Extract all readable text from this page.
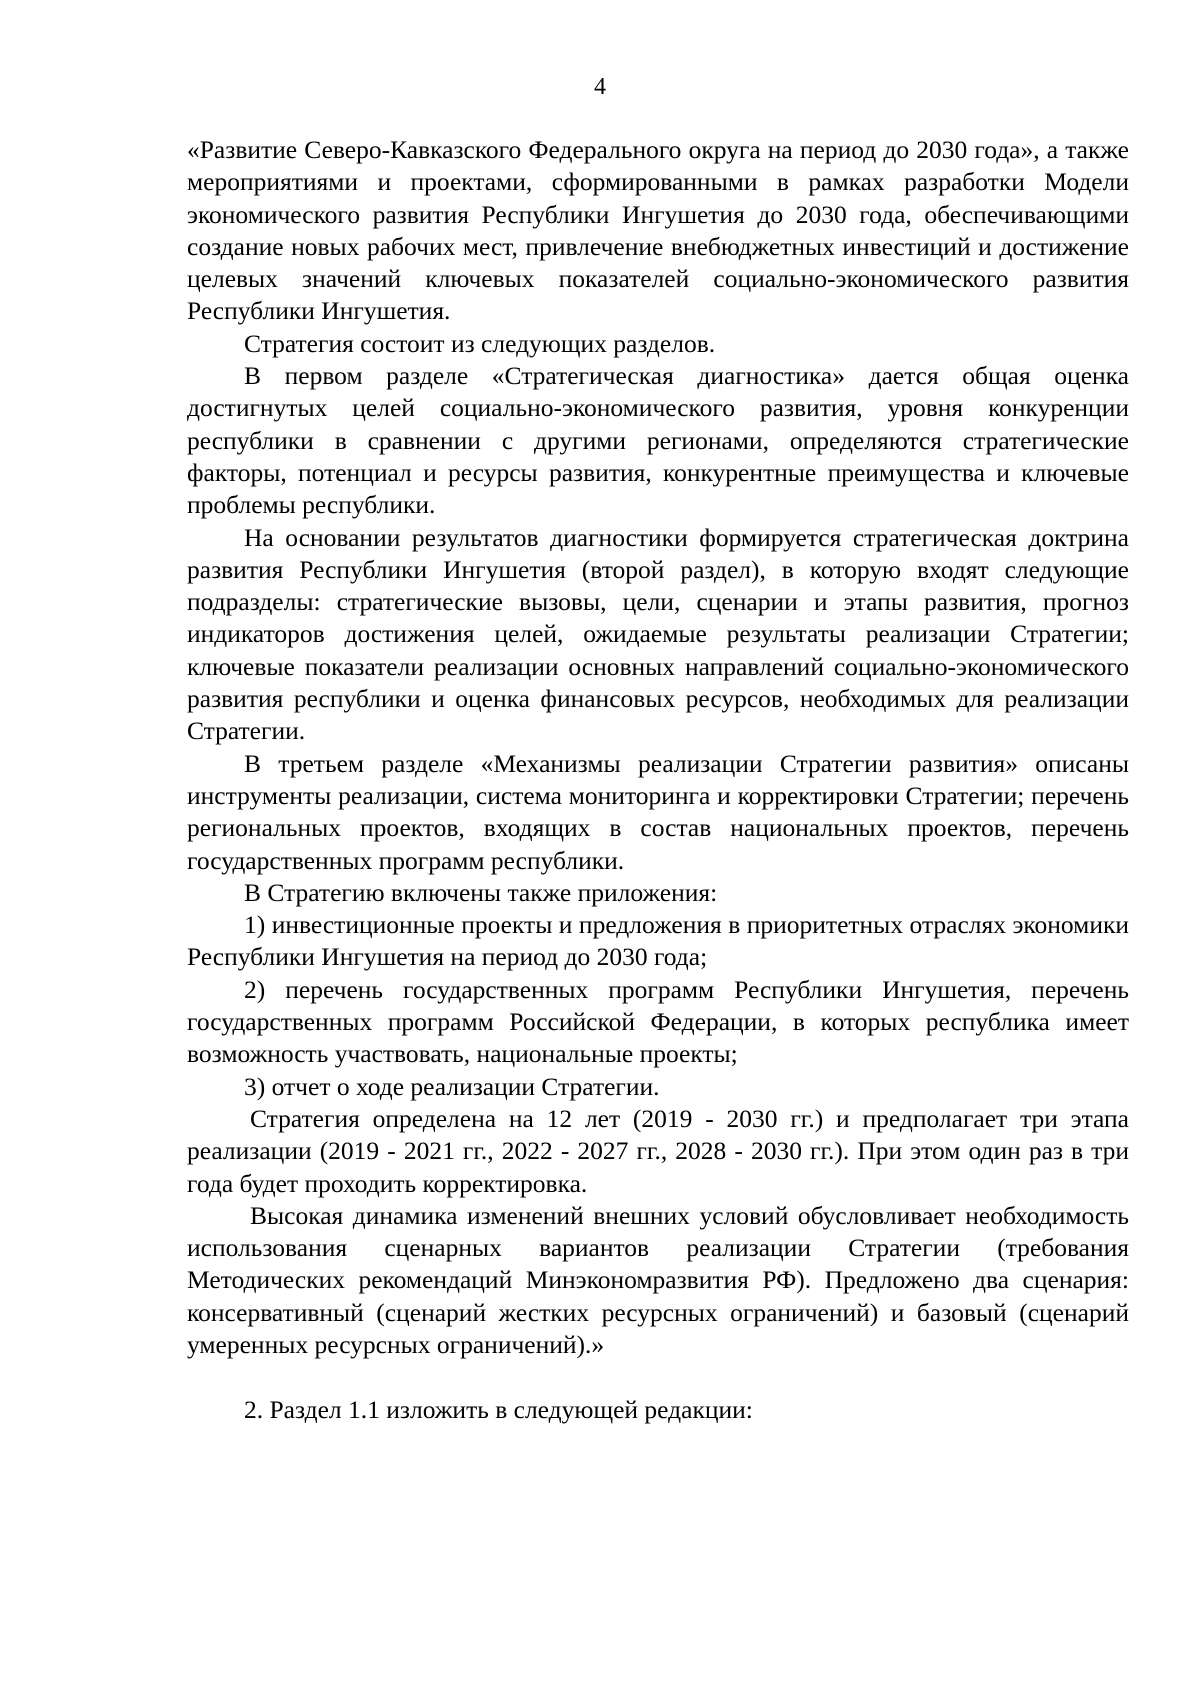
4

«Развитие Северо-Кавказского Федерального округа на период до 2030 года», а также мероприятиями и проектами, сформированными в рамках разработки Модели экономического развития Республики Ингушетия до 2030 года, обеспечивающими создание новых рабочих мест, привлечение внебюджетных инвестиций и достижение целевых значений ключевых показателей социально-экономического развития Республики Ингушетия.

Стратегия состоит из следующих разделов.

В первом разделе «Стратегическая диагностика» дается общая оценка достигнутых целей социально-экономического развития, уровня конкуренции республики в сравнении с другими регионами, определяются стратегические факторы, потенциал и ресурсы развития, конкурентные преимущества и ключевые проблемы республики.

На основании результатов диагностики формируется стратегическая доктрина развития Республики Ингушетия (второй раздел), в которую входят следующие подразделы: стратегические вызовы, цели, сценарии и этапы развития, прогноз индикаторов достижения целей, ожидаемые результаты реализации Стратегии; ключевые показатели реализации основных направлений социально-экономического развития республики и оценка финансовых ресурсов, необходимых для реализации Стратегии.

В третьем разделе «Механизмы реализации Стратегии развития» описаны инструменты реализации, система мониторинга и корректировки Стратегии; перечень региональных проектов, входящих в состав национальных проектов, перечень государственных программ республики.

В Стратегию включены также приложения:

1) инвестиционные проекты и предложения в приоритетных отраслях экономики Республики Ингушетия на период до 2030 года;

2) перечень государственных программ Республики Ингушетия, перечень государственных программ Российской Федерации, в которых республика имеет возможность участвовать, национальные проекты;

3) отчет о ходе реализации Стратегии.

Стратегия определена на 12 лет (2019 - 2030 гг.) и предполагает три этапа реализации (2019 - 2021 гг., 2022 - 2027 гг., 2028 - 2030 гг.). При этом один раз в три года будет проходить корректировка.

Высокая динамика изменений внешних условий обусловливает необходимость использования сценарных вариантов реализации Стратегии (требования Методических рекомендаций Минэкономразвития РФ). Предложено два сценария: консервативный (сценарий жестких ресурсных ограничений) и базовый (сценарий умеренных ресурсных ограничений).»

2. Раздел 1.1 изложить в следующей редакции:
